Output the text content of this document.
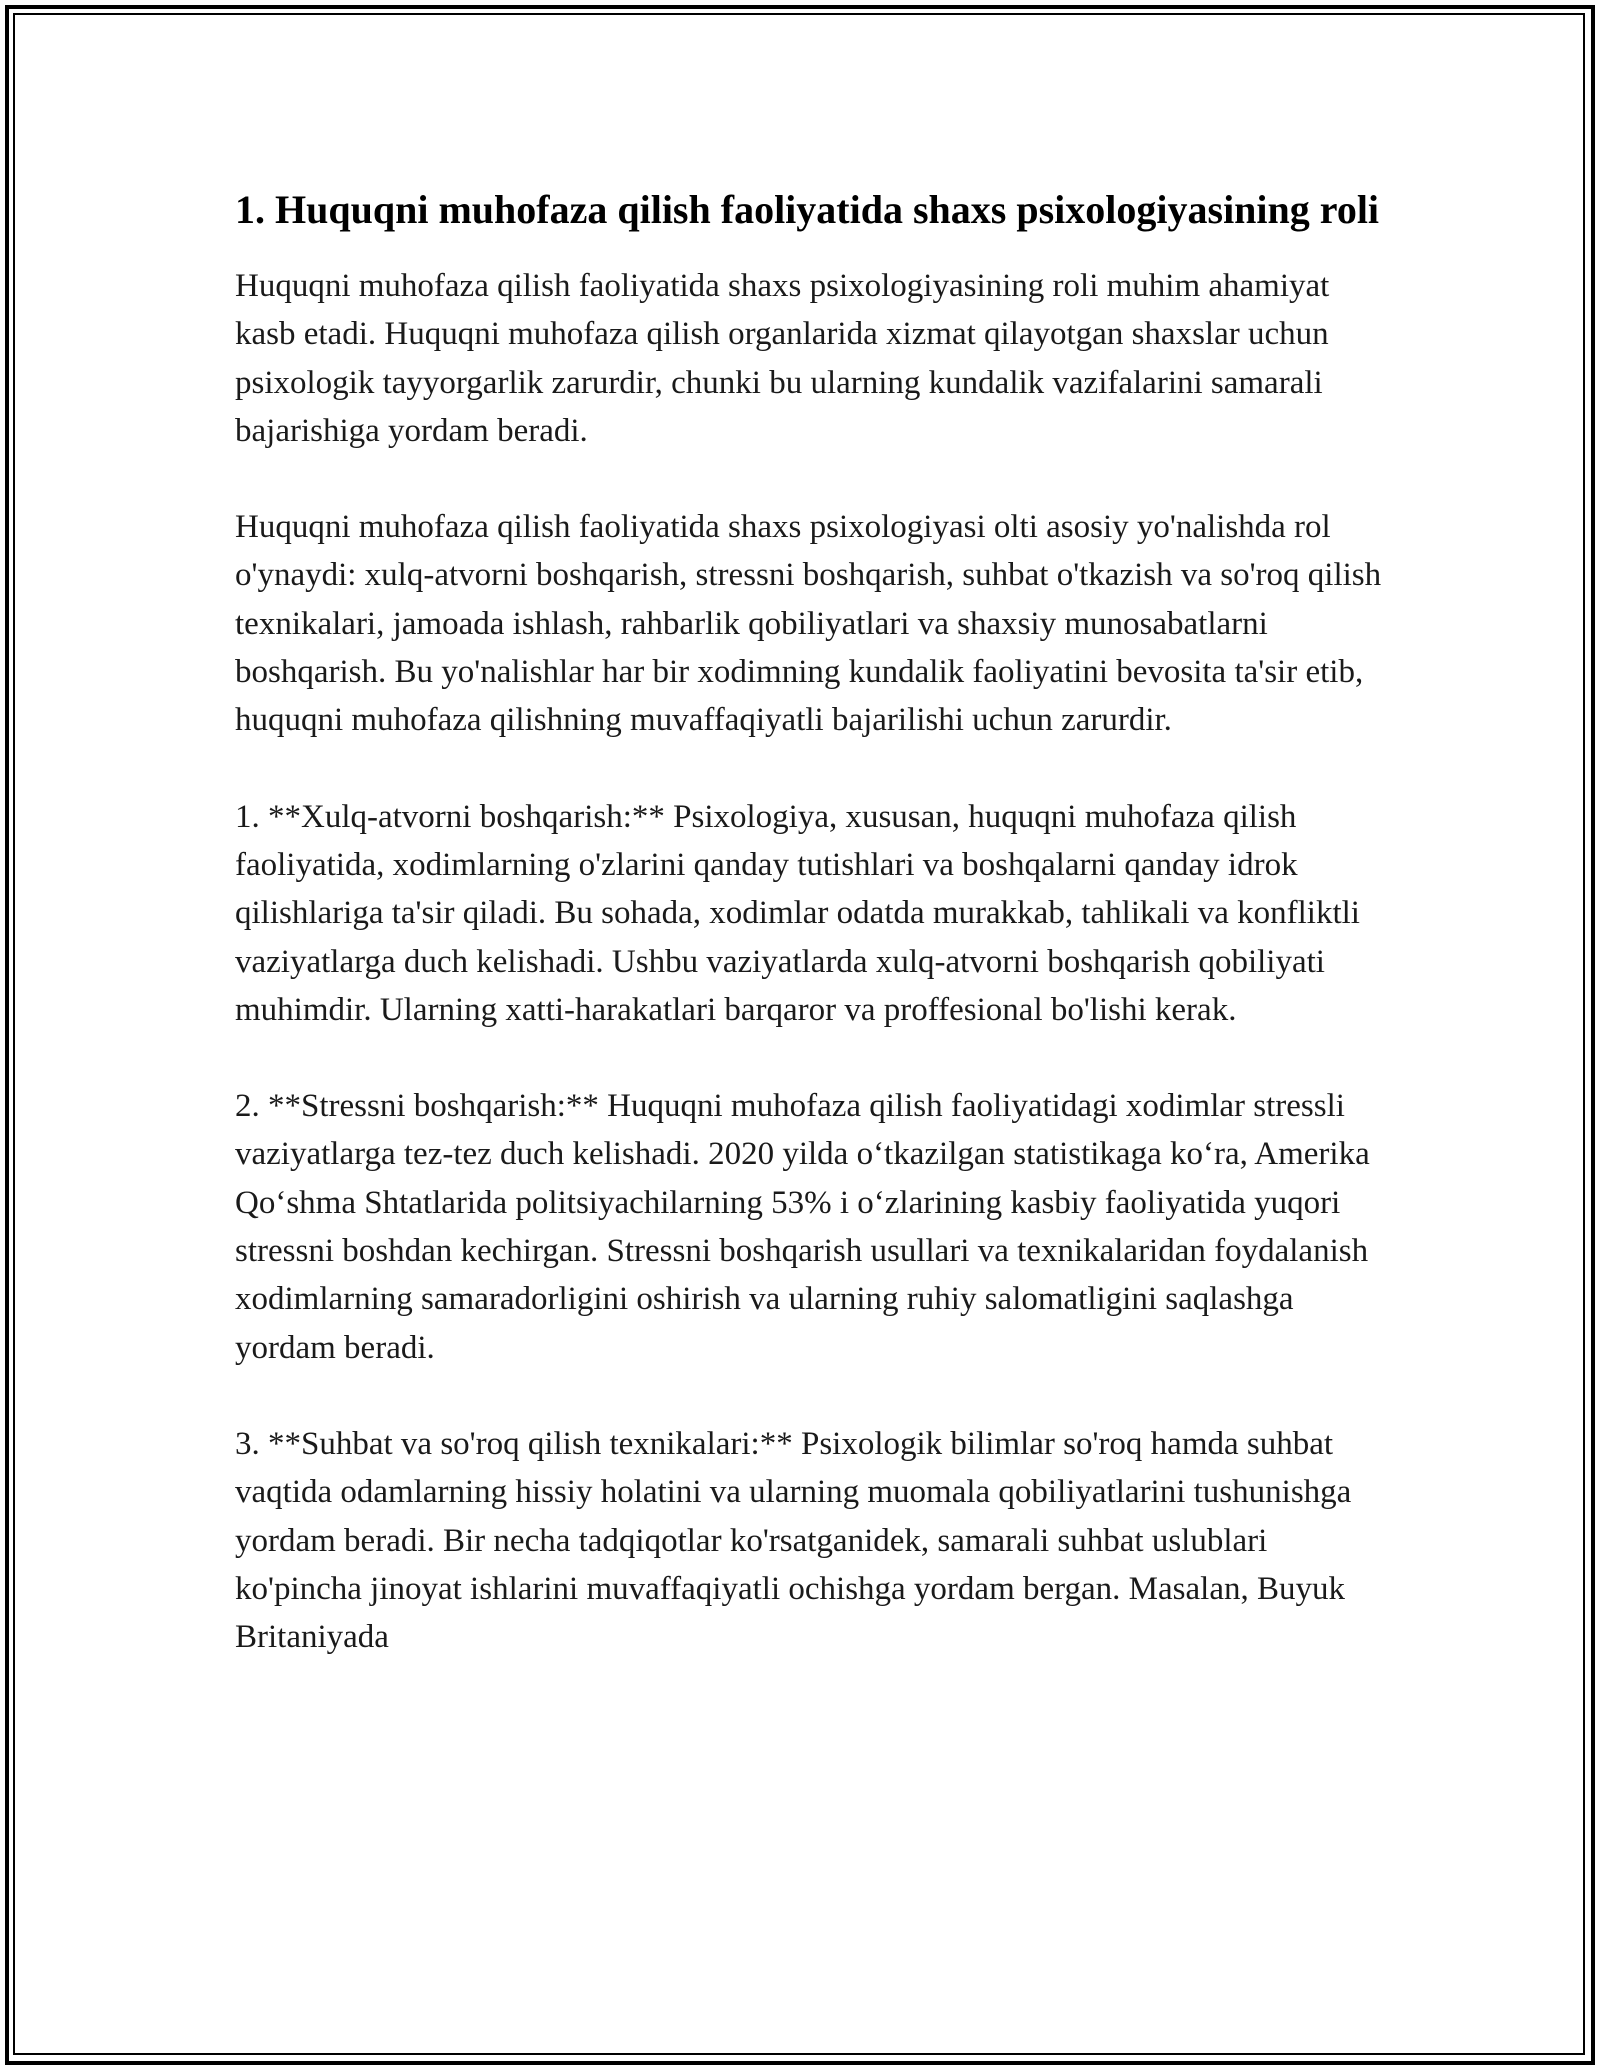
1. Huquqni muhofaza qilish faoliyatida shaxs psixologiyasining roli

Huquqni muhofaza qilish faoliyatida shaxs psixologiyasining roli muhim ahamiyat kasb etadi. Huquqni muhofaza qilish organlarida xizmat qilayotgan shaxslar uchun psixologik tayyorgarlik zarurdir, chunki bu ularning kundalik vazifalarini samarali bajarishiga yordam beradi.

Huquqni muhofaza qilish faoliyatida shaxs psixologiyasi olti asosiy yo'nalishda rol o'ynaydi: xulq-atvorni boshqarish, stressni boshqarish, suhbat o'tkazish va so'roq qilish texnikalari, jamoada ishlash, rahbarlik qobiliyatlari va shaxsiy munosabatlarni boshqarish. Bu yo'nalishlar har bir xodimning kundalik faoliyatini bevosita ta'sir etib, huquqni muhofaza qilishning muvaffaqiyatli bajarilishi uchun zarurdir.

1. **Xulq-atvorni boshqarish:** Psixologiya, xususan, huquqni muhofaza qilish faoliyatida, xodimlarning o'zlarini qanday tutishlari va boshqalarni qanday idrok qilishlariga ta'sir qiladi. Bu sohada, xodimlar odatda murakkab, tahlikali va konfliktli vaziyatlarga duch kelishadi. Ushbu vaziyatlarda xulq-atvorni boshqarish qobiliyati muhimdir. Ularning xatti-harakatlari barqaror va proffesional bo'lishi kerak.

2. **Stressni boshqarish:** Huquqni muhofaza qilish faoliyatidagi xodimlar stressli vaziyatlarga tez-tez duch kelishadi. 2020 yilda o‘tkazilgan statistikaga ko‘ra, Amerika Qo‘shma Shtatlarida politsiyachilarning 53% i o‘zlarining kasbiy faoliyatida yuqori stressni boshdan kechirgan. Stressni boshqarish usullari va texnikalaridan foydalanish xodimlarning samaradorligini oshirish va ularning ruhiy salomatligini saqlashga yordam beradi.

3. **Suhbat va so'roq qilish texnikalari:** Psixologik bilimlar so'roq hamda suhbat vaqtida odamlarning hissiy holatini va ularning muomala qobiliyatlarini tushunishga yordam beradi. Bir necha tadqiqotlar ko'rsatganidek, samarali suhbat uslublari ko'pincha jinoyat ishlarini muvaffaqiyatli ochishga yordam bergan. Masalan, Buyuk Britaniyada
